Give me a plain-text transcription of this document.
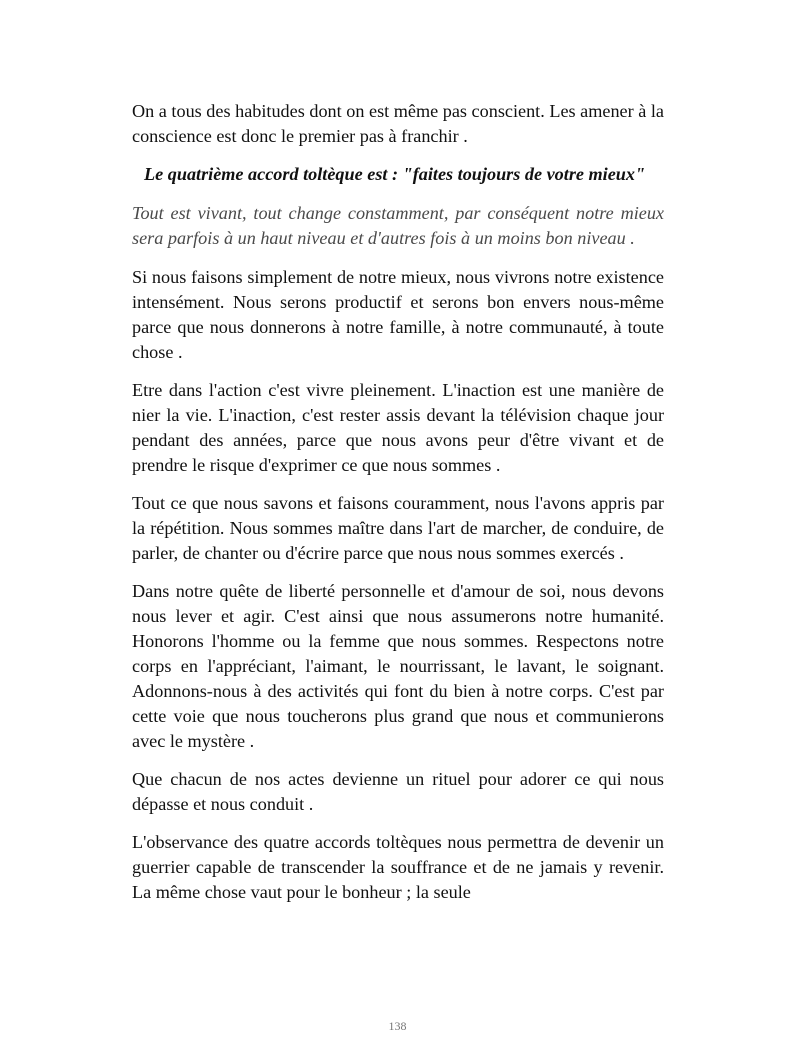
On a tous des habitudes dont on est même pas conscient. Les amener à la conscience est donc le premier pas à franchir .

Le quatrième accord toltèque est : "faites toujours de votre mieux"

Tout est vivant, tout change constamment, par conséquent notre mieux sera parfois à un haut niveau et d'autres fois à un moins bon niveau .

Si nous faisons simplement de notre mieux, nous vivrons notre existence intensément. Nous serons productif et serons bon envers nous-même parce que nous donnerons à notre famille, à notre communauté, à toute chose .

Etre dans l'action c'est vivre pleinement. L'inaction est une manière de nier la vie. L'inaction, c'est rester assis devant la télévision chaque jour pendant des années, parce que nous avons peur d'être vivant et de prendre le risque d'exprimer ce que nous sommes .

Tout ce que nous savons et faisons couramment, nous l'avons appris par la répétition. Nous sommes maître dans l'art de marcher, de conduire, de parler, de chanter ou d'écrire parce que nous nous sommes exercés .

Dans notre quête de liberté personnelle et d'amour de soi, nous devons nous lever et agir. C'est ainsi que nous assumerons notre humanité. Honorons l'homme ou la femme que nous sommes. Respectons notre corps en l'appréciant, l'aimant, le nourrissant, le lavant, le soignant. Adonnons-nous à des activités qui font du bien à notre corps. C'est par cette voie que nous toucherons plus grand que nous et communierons avec le mystère .

Que chacun de nos actes devienne un rituel pour adorer ce qui nous dépasse et nous conduit .

L'observance des quatre accords toltèques nous permettra de devenir un guerrier capable de transcender la souffrance et de ne jamais y revenir. La même chose vaut pour le bonheur ; la seule

138
